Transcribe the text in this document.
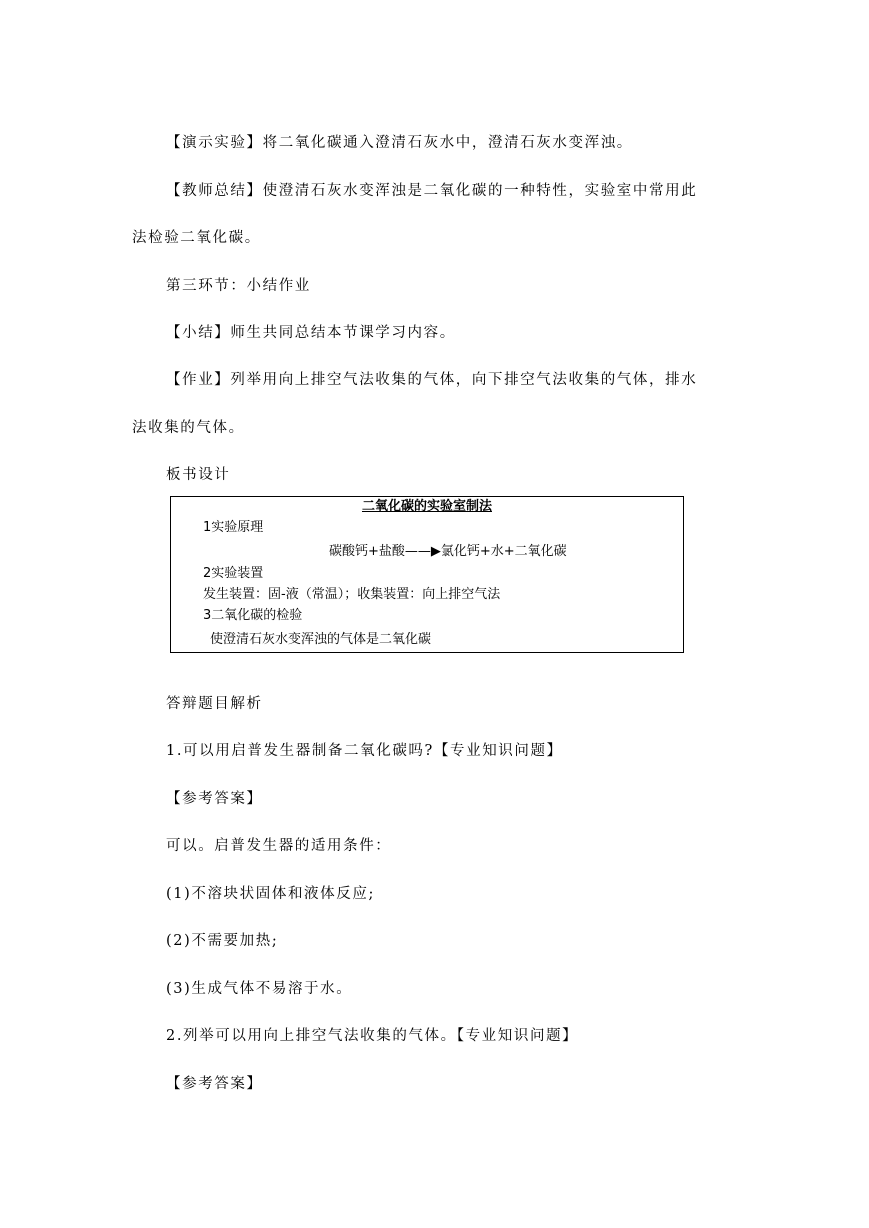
【演示实验】将二氧化碳通入澄清石灰水中，澄清石灰水变浑浊。
【教师总结】使澄清石灰水变浑浊是二氧化碳的一种特性，实验室中常用此
法检验二氧化碳。
第三环节：小结作业
【小结】师生共同总结本节课学习内容。
【作业】列举用向上排空气法收集的气体，向下排空气法收集的气体，排水
法收集的气体。
板书设计
二氧化碳的实验室制法
1实验原理
碳酸钙+盐酸——▶氯化钙+水+二氧化碳
2实验装置
发生装置：固-液（常温）；收集装置：向上排空气法
3二氧化碳的检验
使澄清石灰水变浑浊的气体是二氧化碳
答辩题目解析
1.可以用启普发生器制备二氧化碳吗?【专业知识问题】
【参考答案】
可以。启普发生器的适用条件：
(1)不溶块状固体和液体反应;
(2)不需要加热;
(3)生成气体不易溶于水。
2.列举可以用向上排空气法收集的气体。【专业知识问题】
【参考答案】
